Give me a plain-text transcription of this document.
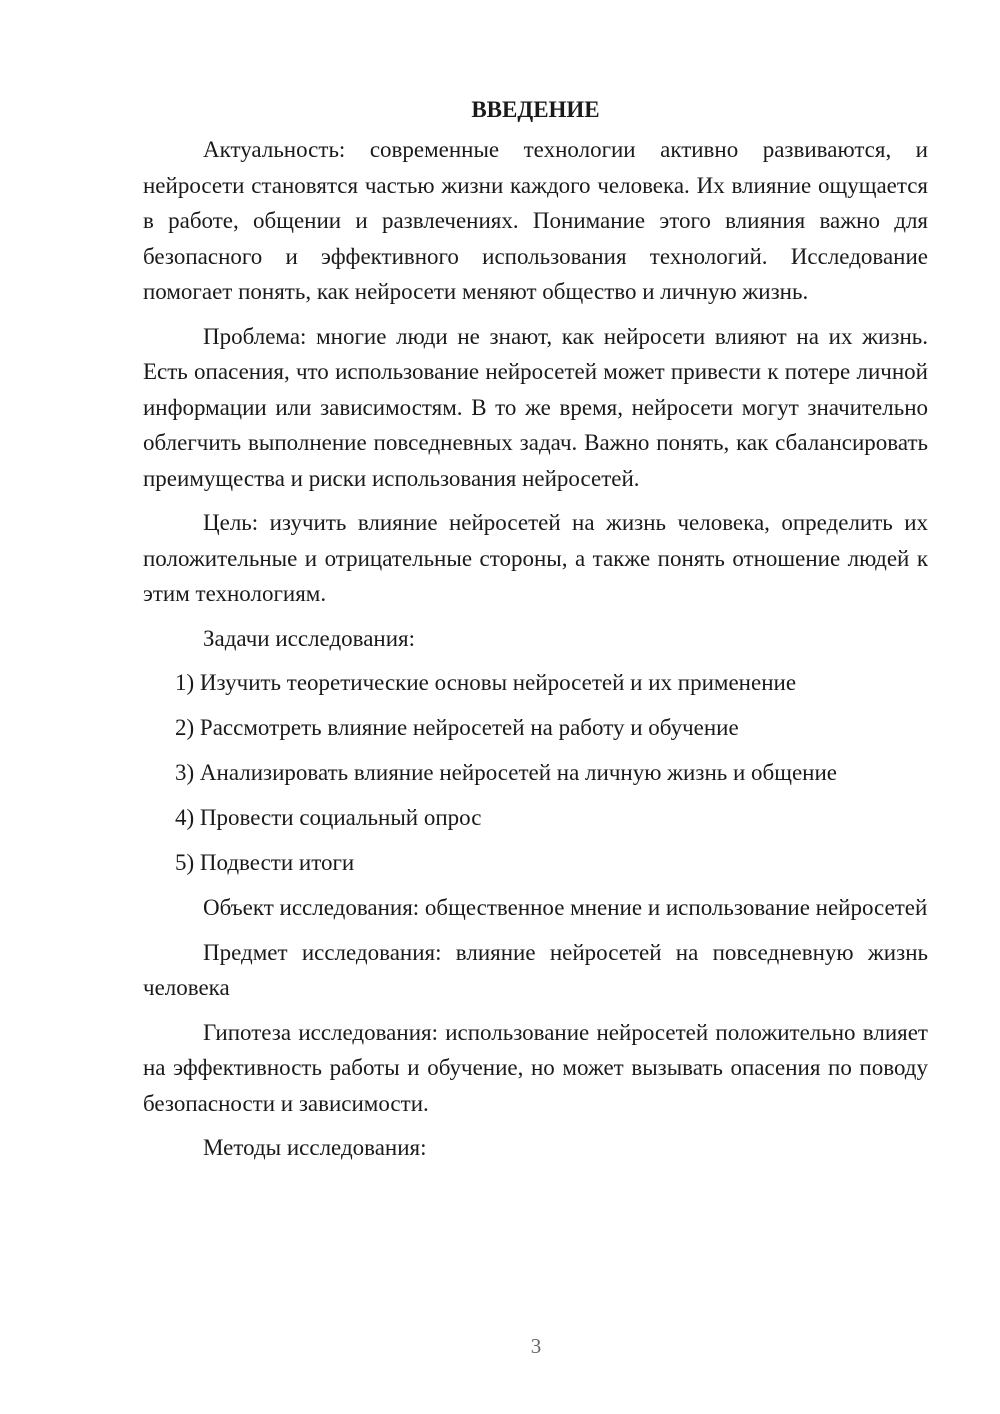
ВВЕДЕНИЕ

Актуальность: современные технологии активно развиваются, и нейросети становятся частью жизни каждого человека. Их влияние ощущается в работе, общении и развлечениях. Понимание этого влияния важно для безопасного и эффективного использования технологий. Исследование помогает понять, как нейросети меняют общество и личную жизнь.

Проблема: многие люди не знают, как нейросети влияют на их жизнь. Есть опасения, что использование нейросетей может привести к потере личной информации или зависимостям. В то же время, нейросети могут значительно облегчить выполнение повседневных задач. Важно понять, как сбалансировать преимущества и риски использования нейросетей.

Цель: изучить влияние нейросетей на жизнь человека, определить их положительные и отрицательные стороны, а также понять отношение людей к этим технологиям.

Задачи исследования:

1) Изучить теоретические основы нейросетей и их применение
2) Рассмотреть влияние нейросетей на работу и обучение
3) Анализировать влияние нейросетей на личную жизнь и общение
4) Провести социальный опрос
5) Подвести итоги

Объект исследования: общественное мнение и использование нейросетей

Предмет исследования: влияние нейросетей на повседневную жизнь человека

Гипотеза исследования: использование нейросетей положительно влияет на эффективность работы и обучение, но может вызывать опасения по поводу безопасности и зависимости.

Методы исследования:

3
